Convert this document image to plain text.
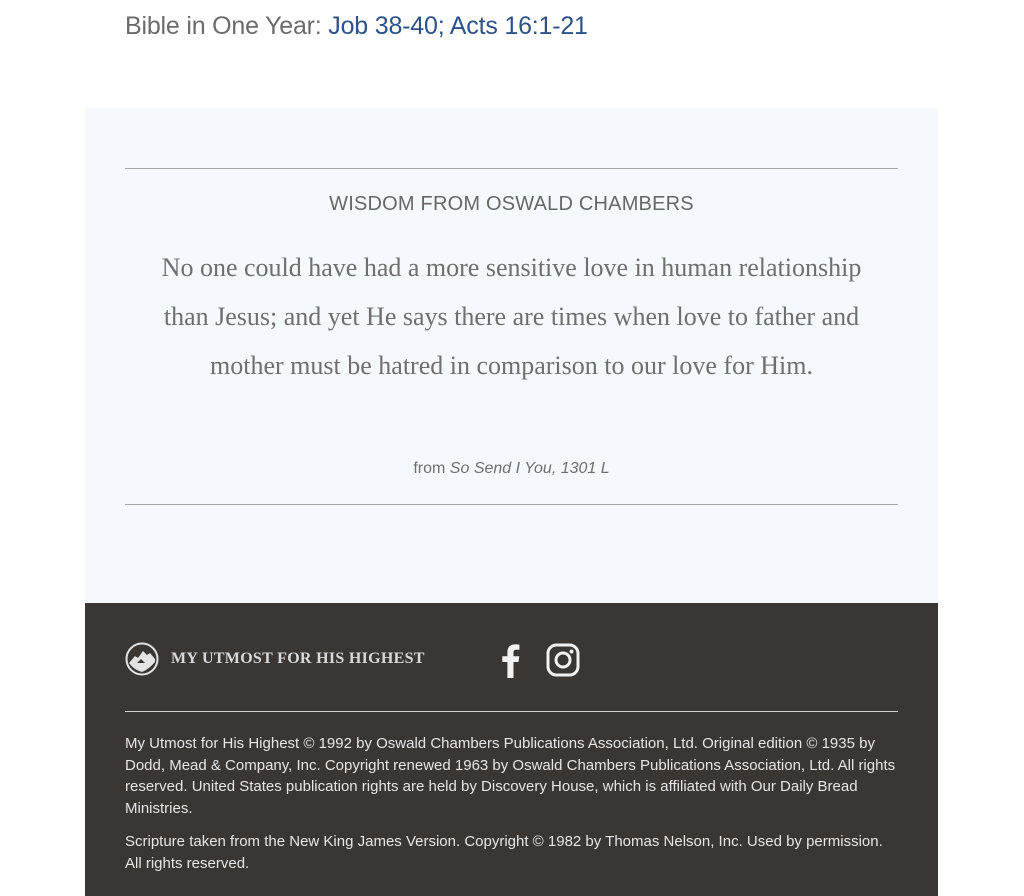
Bible in One Year: Job 38-40; Acts 16:1-21
WISDOM FROM OSWALD CHAMBERS
No one could have had a more sensitive love in human relationship than Jesus; and yet He says there are times when love to father and mother must be hatred in comparison to our love for Him.
from So Send I You, 1301 L
MY UTMOST FOR HIS HIGHEST

My Utmost for His Highest © 1992 by Oswald Chambers Publications Association, Ltd. Original edition © 1935 by Dodd, Mead & Company, Inc. Copyright renewed 1963 by Oswald Chambers Publications Association, Ltd. All rights reserved. United States publication rights are held by Discovery House, which is affiliated with Our Daily Bread Ministries.

Scripture taken from the New King James Version. Copyright © 1982 by Thomas Nelson, Inc. Used by permission. All rights reserved.
